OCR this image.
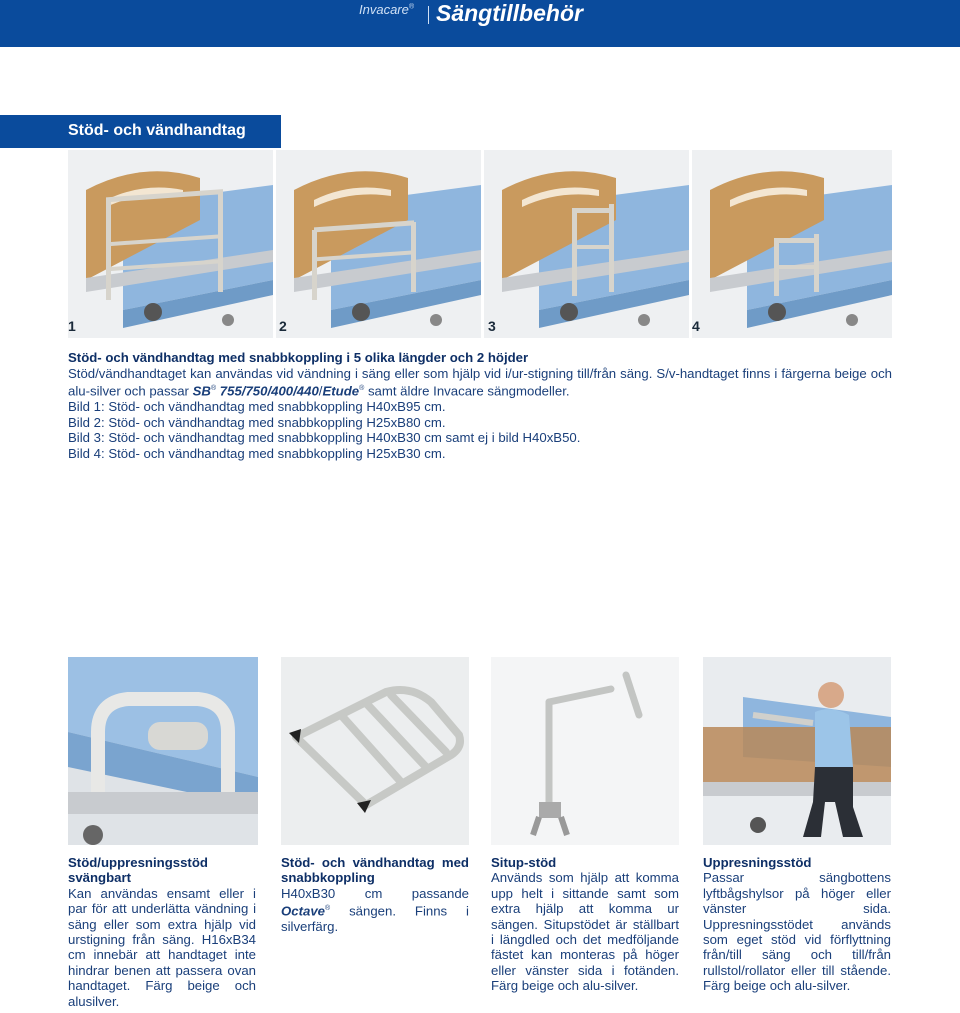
Invacare® Sängtillbehör
Stöd- och vändhandtag
1	2	3	4

Stöd- och vändhandtag med snabbkoppling i 5 olika längder och 2 höjder

Stöd/vändhandtaget kan användas vid vändning i säng eller som hjälp vid i/ur-stigning till/från säng. S/v-handtaget finns i färgerna beige och alu-silver och passar SB® 755/750/400/440/Etude® samt äldre Invacare sängmodeller.

Bild 1: Stöd- och vändhandtag med snabbkoppling H40xB95 cm.

Bild 2: Stöd- och vändhandtag med snabbkoppling H25xB80 cm.

Bild 3: Stöd- och vändhandtag med snabbkoppling H40xB30 cm samt ej i bild H40xB50.

Bild 4: Stöd- och vändhandtag med snabbkoppling H25xB30 cm.

Stöd/uppresningsstöd svängbart

Kan användas ensamt eller i par för att underlätta vändning i säng eller som extra hjälp vid urstigning från säng. H16xB34 cm innebär att handtaget inte hindrar benen att passera ovan handtaget. Färg beige och alusilver.

Stöd- och vändhandtag med snabbkoppling

H40xB30 cm passande Octave® sängen. Finns i silverfärg.

Situp-stöd

Används som hjälp att komma upp helt i sittande samt som extra hjälp att komma ur sängen. Situpstödet är ställbart i längdled och det medföljande fästet kan monteras på höger eller vänster sida i fotänden. Färg beige och alu-silver.

Uppresningsstöd

Passar sängbottens lyftbågshylsor på höger eller vänster sida. Uppresningsstödet används som eget stöd vid förflyttning från/till säng och till/från rullstol/rollator eller till stående. Färg beige och alu-silver.
